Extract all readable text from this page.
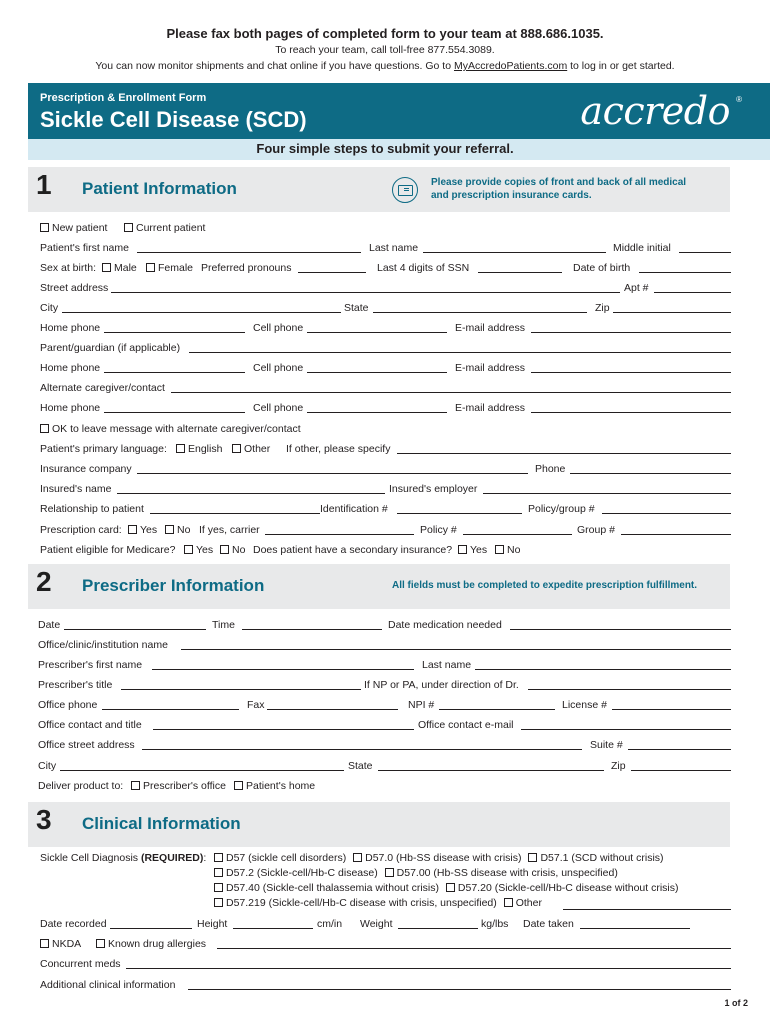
Please fax both pages of completed form to your team at 888.686.1035.
To reach your team, call toll-free 877.554.3089.
You can now monitor shipments and chat online if you have questions. Go to MyAccredoPatients.com to log in or get started.
Prescription & Enrollment Form
Sickle Cell Disease (SCD)	accredo ®
Four simple steps to submit your referral.
1 Patient Information	Please provide copies of front and back of all medical
and prescription insurance cards.
New patient	Current patient
Patient's first name	Last name	Middle initial
Sex at birth:	Male	Female Preferred pronouns	Last 4 digits of SSN	Date of birth
Street address	Apt #
City	State	Zip
Home phone	Cell phone	E-mail address
Parent/guardian (if applicable)
Home phone	Cell phone	E-mail address
Alternate caregiver/contact
Home phone	Cell phone	E-mail address
OK to leave message with alternate caregiver/contact
Patient's primary language:	English	Other If other, please specify
Insurance company	Phone
Insured's name	Insured's employer
Relationship to patient	Identification #	Policy/group #
Prescription card:	Yes	No If yes, carrier	Policy #	Group #
Patient eligible for Medicare?	Yes	No Does patient have a secondary insurance?	Yes	No
2 Prescriber Information	All fields must be completed to expedite prescription fulfillment.
Date	Time	Date medication needed
Office/clinic/institution name
Prescriber's first name	Last name
Prescriber's title	If NP or PA, under direction of Dr.
Office phone	Fax	NPI #	License #
Office contact and title	Office contact e-mail
Office street address	Suite #
City	State	Zip
Deliver product to:	Prescriber's office	Patient's home
3 Clinical Information
Sickle Cell Diagnosis (REQUIRED):	D57 (sickle cell disorders) D57.0 (Hb-SS disease with crisis) D57.1 (SCD without crisis)
D57.2 (Sickle-cell/Hb-C disease) D57.00 (Hb-SS disease with crisis, unspecified)
D57.40 (Sickle-cell thalassemia without crisis) D57.20 (Sickle-cell/Hb-C disease without crisis)
D57.219 (Sickle-cell/Hb-C disease with crisis, unspecified) Other
Date recorded	Height	cm/in Weight	kg/lbs Date taken
NKDA	Known drug allergies
Concurrent meds
Additional clinical information
1 of 2
